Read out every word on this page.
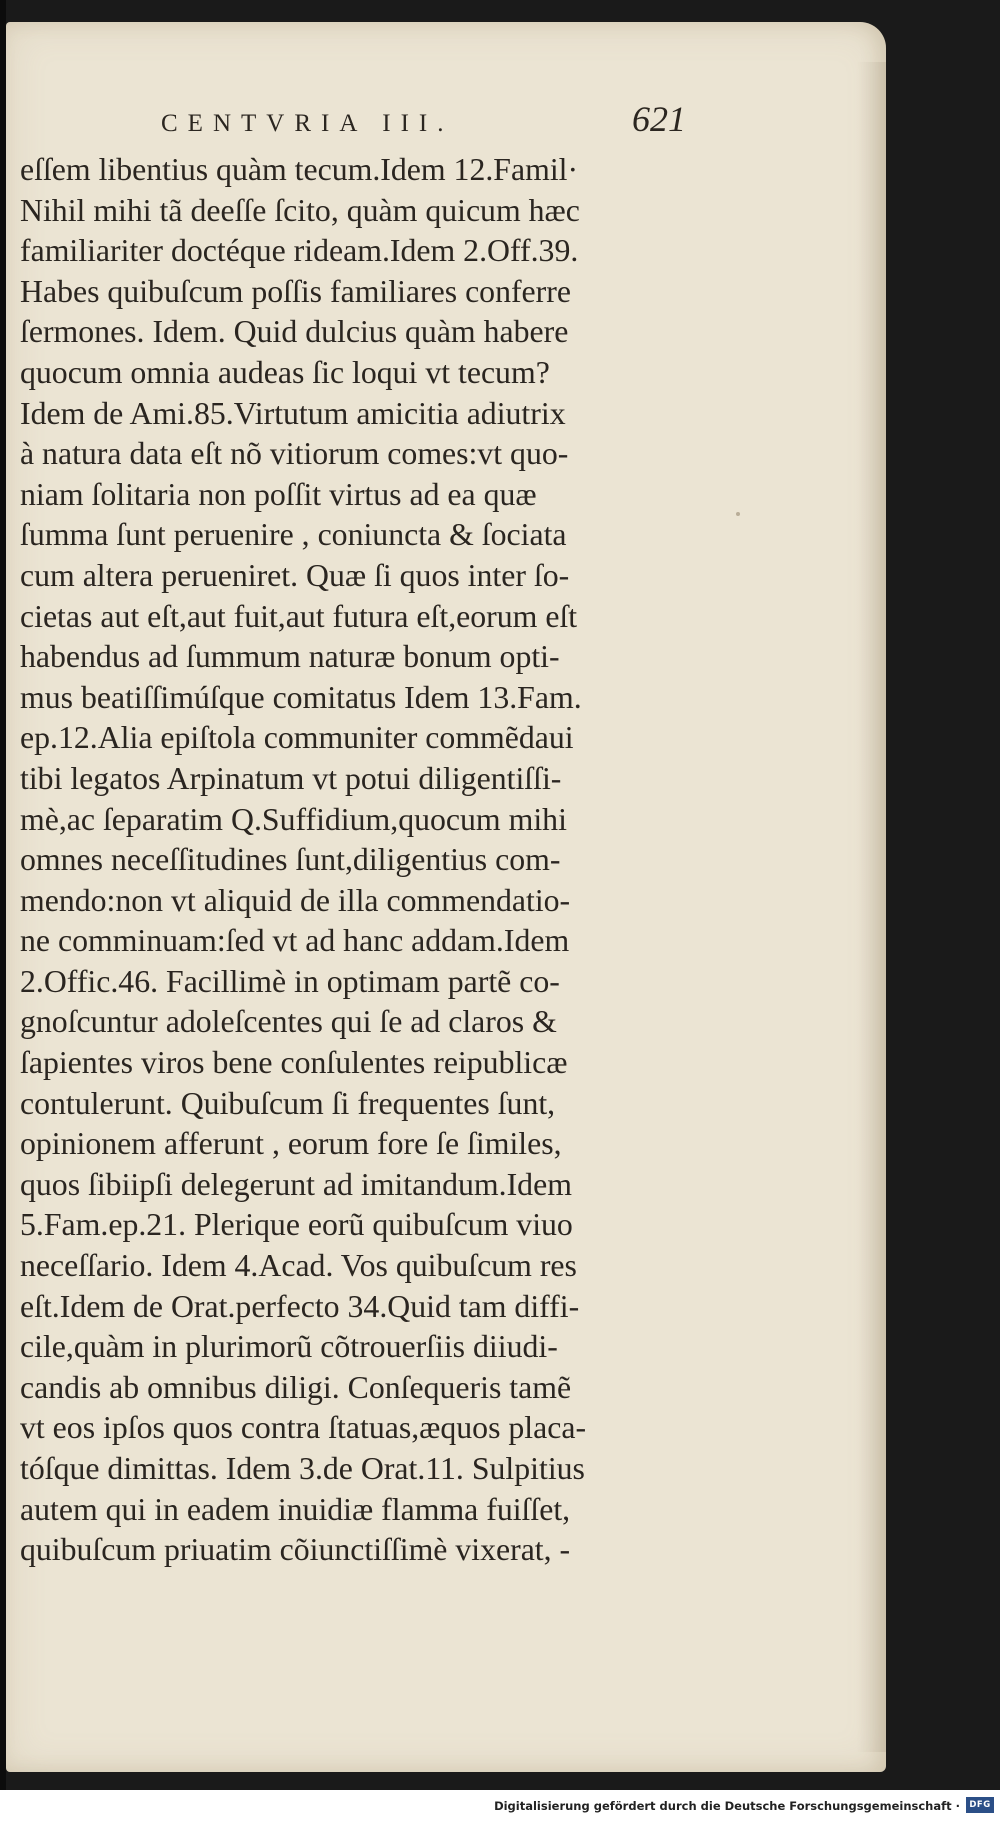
CENTVRIA III.	621
eſſem libentius quàm tecum.Idem 12.Famil·
Nihil mihi tã deeſſe ſcito, quàm quicum hæc
familiariter doctéque rideam.Idem 2.Off.39.
Habes quibuſcum poſſis familiares conferre
ſermones. Idem. Quid dulcius quàm habere
quocum omnia audeas ſic loqui vt tecum?
Idem de Ami.85.Virtutum amicitia adiutrix
à natura data eſt nõ vitiorum comes:vt quo-
niam ſolitaria non poſſit virtus ad ea quæ
ſumma ſunt peruenire , coniuncta & ſociata
cum altera perueniret. Quæ ſi quos inter ſo-
cietas aut eſt,aut fuit,aut futura eſt,eorum eſt
habendus ad ſummum naturæ bonum opti-
mus beatiſſimúſque comitatus Idem 13.Fam.
ep.12.Alia epiſtola communiter commẽdaui
tibi legatos Arpinatum vt potui diligentiſſi-
mè,ac ſeparatim Q.Suffidium,quocum mihi
omnes neceſſitudines ſunt,diligentius com-
mendo:non vt aliquid de illa commendatio-
ne comminuam:ſed vt ad hanc addam.Idem
2.Offic.46. Facillimè in optimam partẽ co-
gnoſcuntur adoleſcentes qui ſe ad claros &
ſapientes viros bene conſulentes reipublicæ
contulerunt. Quibuſcum ſi frequentes ſunt,
opinionem afferunt , eorum fore ſe ſimiles,
quos ſibiipſi delegerunt ad imitandum.Idem
5.Fam.ep.21. Plerique eorũ quibuſcum viuo
neceſſario. Idem 4.Acad. Vos quibuſcum res
eſt.Idem de Orat.perfecto 34.Quid tam diffi-
cile,quàm in plurimorũ cõtrouerſiis diiudi-
candis ab omnibus diligi. Conſequeris tamẽ
vt eos ipſos quos contra ſtatuas,æquos placa-
tóſque dimittas. Idem 3.de Orat.11. Sulpitius
autem qui in eadem inuidiæ flamma fuiſſet,
quibuſcum priuatim cõiunctiſſimè vixerat, -
Digitalisierung gefördert durch die Deutsche Forschungsgemeinschaft ·	DFG
